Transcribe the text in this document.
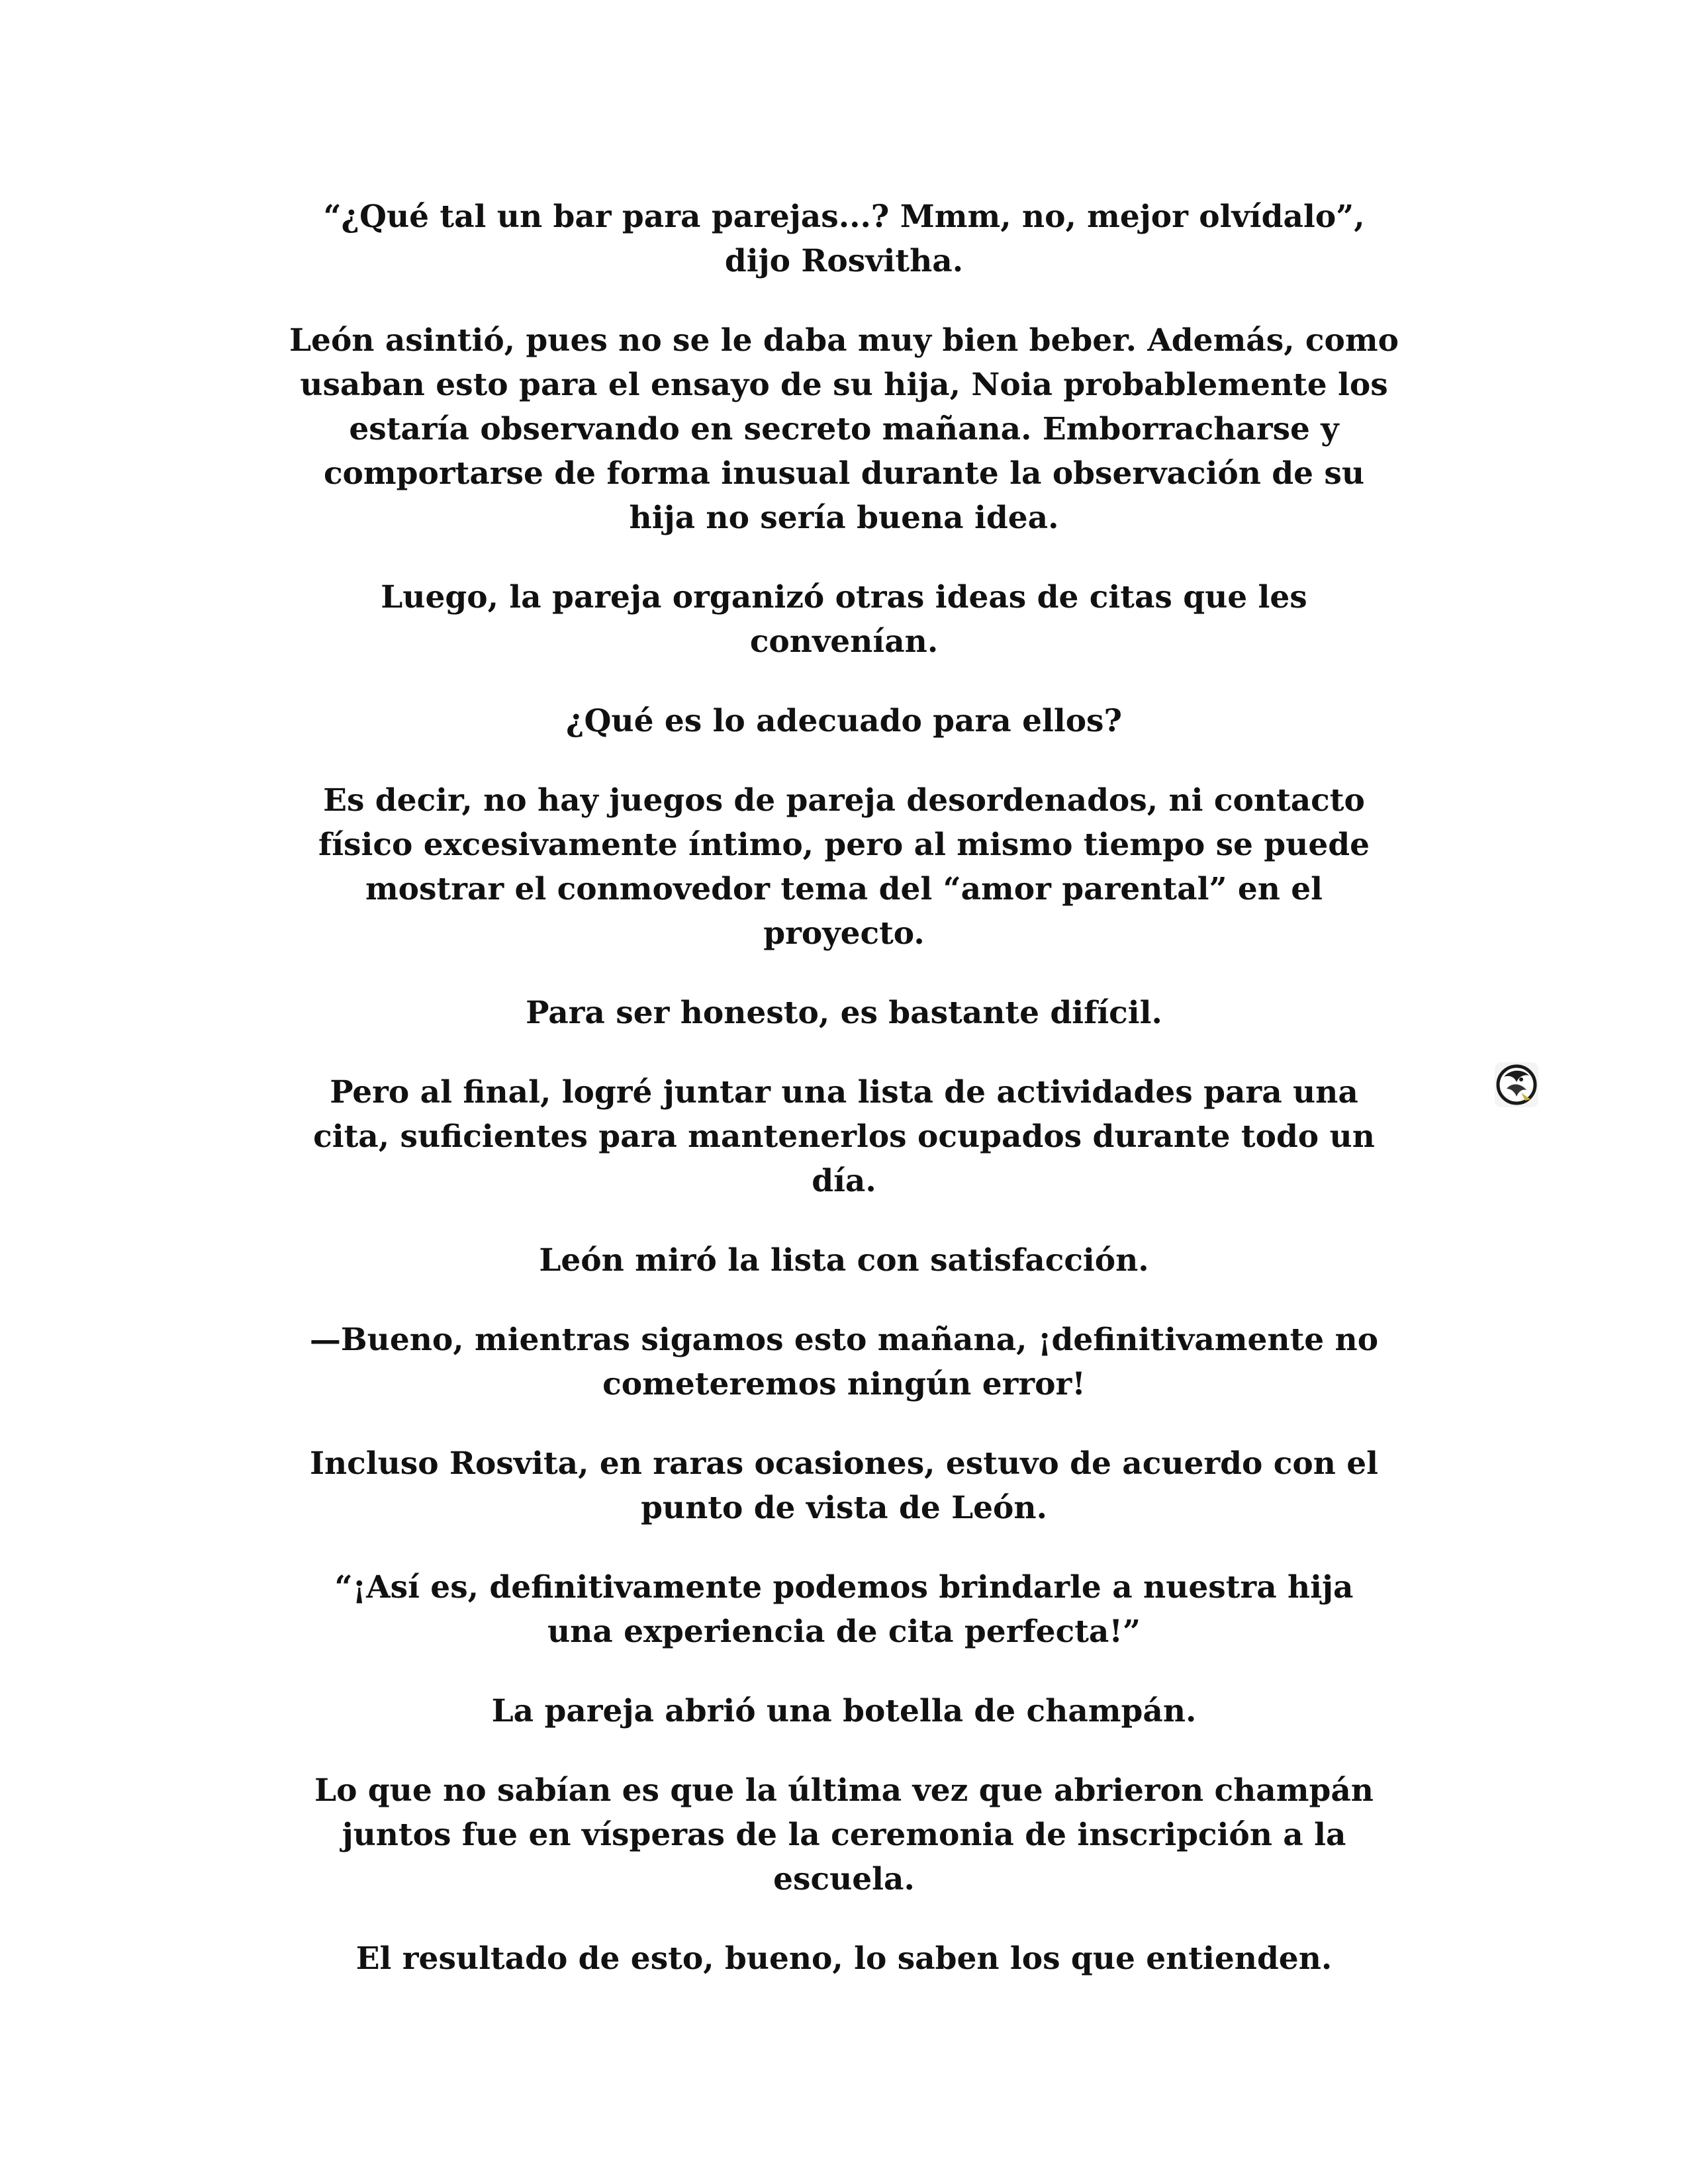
“¿Qué tal un bar para parejas...? Mmm, no, mejor olvídalo”,
dijo Rosvitha.

León asintió, pues no se le daba muy bien beber. Además, como
usaban esto para el ensayo de su hija, Noia probablemente los
estaría observando en secreto mañana. Emborracharse y
comportarse de forma inusual durante la observación de su
hija no sería buena idea.

Luego, la pareja organizó otras ideas de citas que les
convenían.

¿Qué es lo adecuado para ellos?

Es decir, no hay juegos de pareja desordenados, ni contacto
físico excesivamente íntimo, pero al mismo tiempo se puede
mostrar el conmovedor tema del “amor parental” en el
proyecto.

Para ser honesto, es bastante difícil.

Pero al final, logré juntar una lista de actividades para una
cita, suficientes para mantenerlos ocupados durante todo un
día.

León miró la lista con satisfacción.

—Bueno, mientras sigamos esto mañana, ¡definitivamente no
cometeremos ningún error!

Incluso Rosvita, en raras ocasiones, estuvo de acuerdo con el
punto de vista de León.

“¡Así es, definitivamente podemos brindarle a nuestra hija
una experiencia de cita perfecta!”

La pareja abrió una botella de champán.

Lo que no sabían es que la última vez que abrieron champán
juntos fue en vísperas de la ceremonia de inscripción a la
escuela.

El resultado de esto, bueno, lo saben los que entienden.
